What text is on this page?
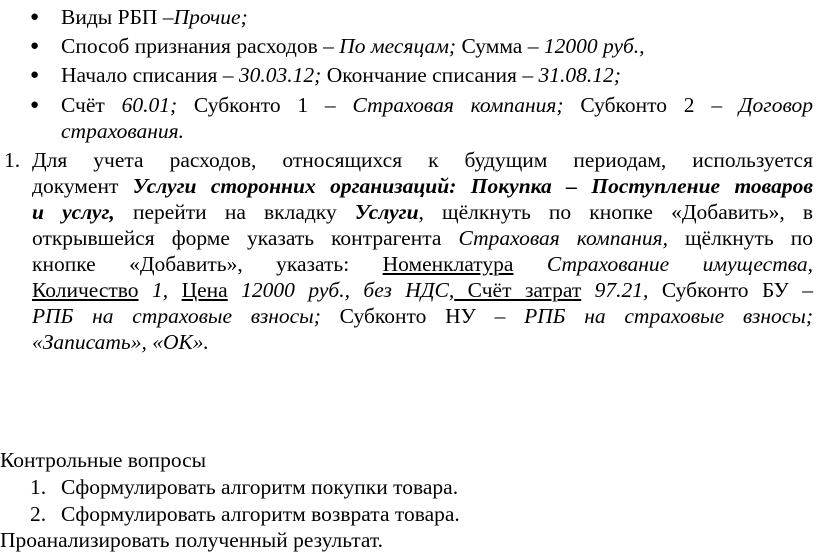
● Виды РБП –Прочие;
● Способ признания расходов – По месяцам; Сумма – 12000 руб.,
● Начало списания – 30.03.12; Окончание списания – 31.08.12;
● Счёт 60.01; Субконто 1 – Страховая компания; Субконто 2 – Договор
страхования.
1. Для учета расходов, относящихся к будущим периодам, используется
документ Услуги сторонних организаций: Покупка – Поступление товаров
и услуг, перейти на вкладку Услуги, щёлкнуть по кнопке «Добавить», в
открывшейся форме указать контрагента Страховая компания, щёлкнуть по
кнопке «Добавить», указать: Номенклатура Страхование имущества,
Количество 1, Цена 12000 руб., без НДС, Счёт затрат 97.21, Субконто БУ –
РПБ на страховые взносы; Субконто НУ – РПБ на страховые взносы;
«Записать», «ОК».
Контрольные вопросы
1. Сформулировать алгоритм покупки товара.
2. Сформулировать алгоритм возврата товара.
Проанализировать полученный результат.
